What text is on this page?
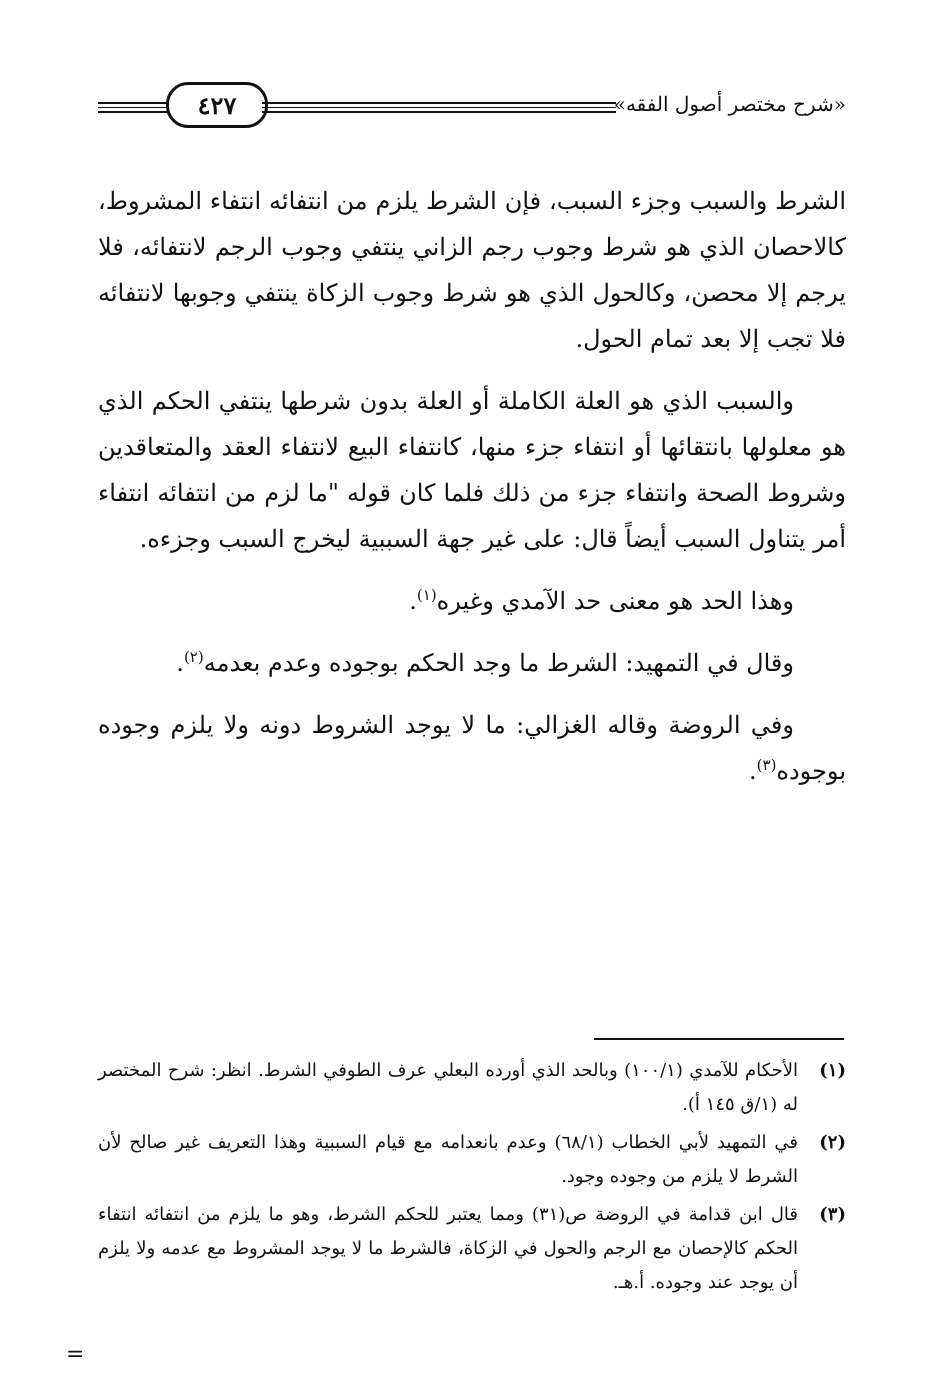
٤٢٧	«شرح مختصر أصول الفقه»

الشرط والسبب وجزء السبب، فإن الشرط يلزم من انتفائه انتفاء المشروط، كالاحصان الذي هو شرط وجوب رجم الزاني ينتفي وجوب الرجم لانتفائه، فلا يرجم إلا محصن، وكالحول الذي هو شرط وجوب الزكاة ينتفي وجوبها لانتفائه فلا تجب إلا بعد تمام الحول.

والسبب الذي هو العلة الكاملة أو العلة بدون شرطها ينتفي الحكم الذي هو معلولها بانتقائها أو انتفاء جزء منها، كانتفاء البيع لانتفاء العقد والمتعاقدين وشروط الصحة وانتفاء جزء من ذلك فلما كان قوله "ما لزم من انتفائه انتفاء أمر يتناول السبب أيضاً قال: على غير جهة السببية ليخرج السبب وجزءه.

وهذا الحد هو معنى حد الآمدي وغيره$^{(١)}$.

وقال في التمهيد: الشرط ما وجد الحكم بوجوده وعدم بعدمه$^{(٢)}$.

وفي الروضة وقاله الغزالي: ما لا يوجد الشروط دونه ولا يلزم وجوده بوجوده$^{(٣)}$.

(١)
الأحكام للآمدي (١٠٠/١) وبالحد الذي أورده البعلي عرف الطوفي الشرط. انظر: شرح المختصر له (١/ق ١٤٥ أ).
(٢)
في التمهيد لأبي الخطاب (٦٨/١) وعدم بانعدامه مع قيام السببية وهذا التعريف غير صالح لأن الشرط لا يلزم من وجوده وجود.
(٣)
قال ابن قدامة في الروضة ص(٣١) ومما يعتبر للحكم الشرط، وهو ما يلزم من انتفائه انتفاء الحكم كالإحصان مع الرجم والحول في الزكاة، فالشرط ما لا يوجد المشروط مع عدمه ولا يلزم أن يوجد عند وجوده. أ.هـ.
=
